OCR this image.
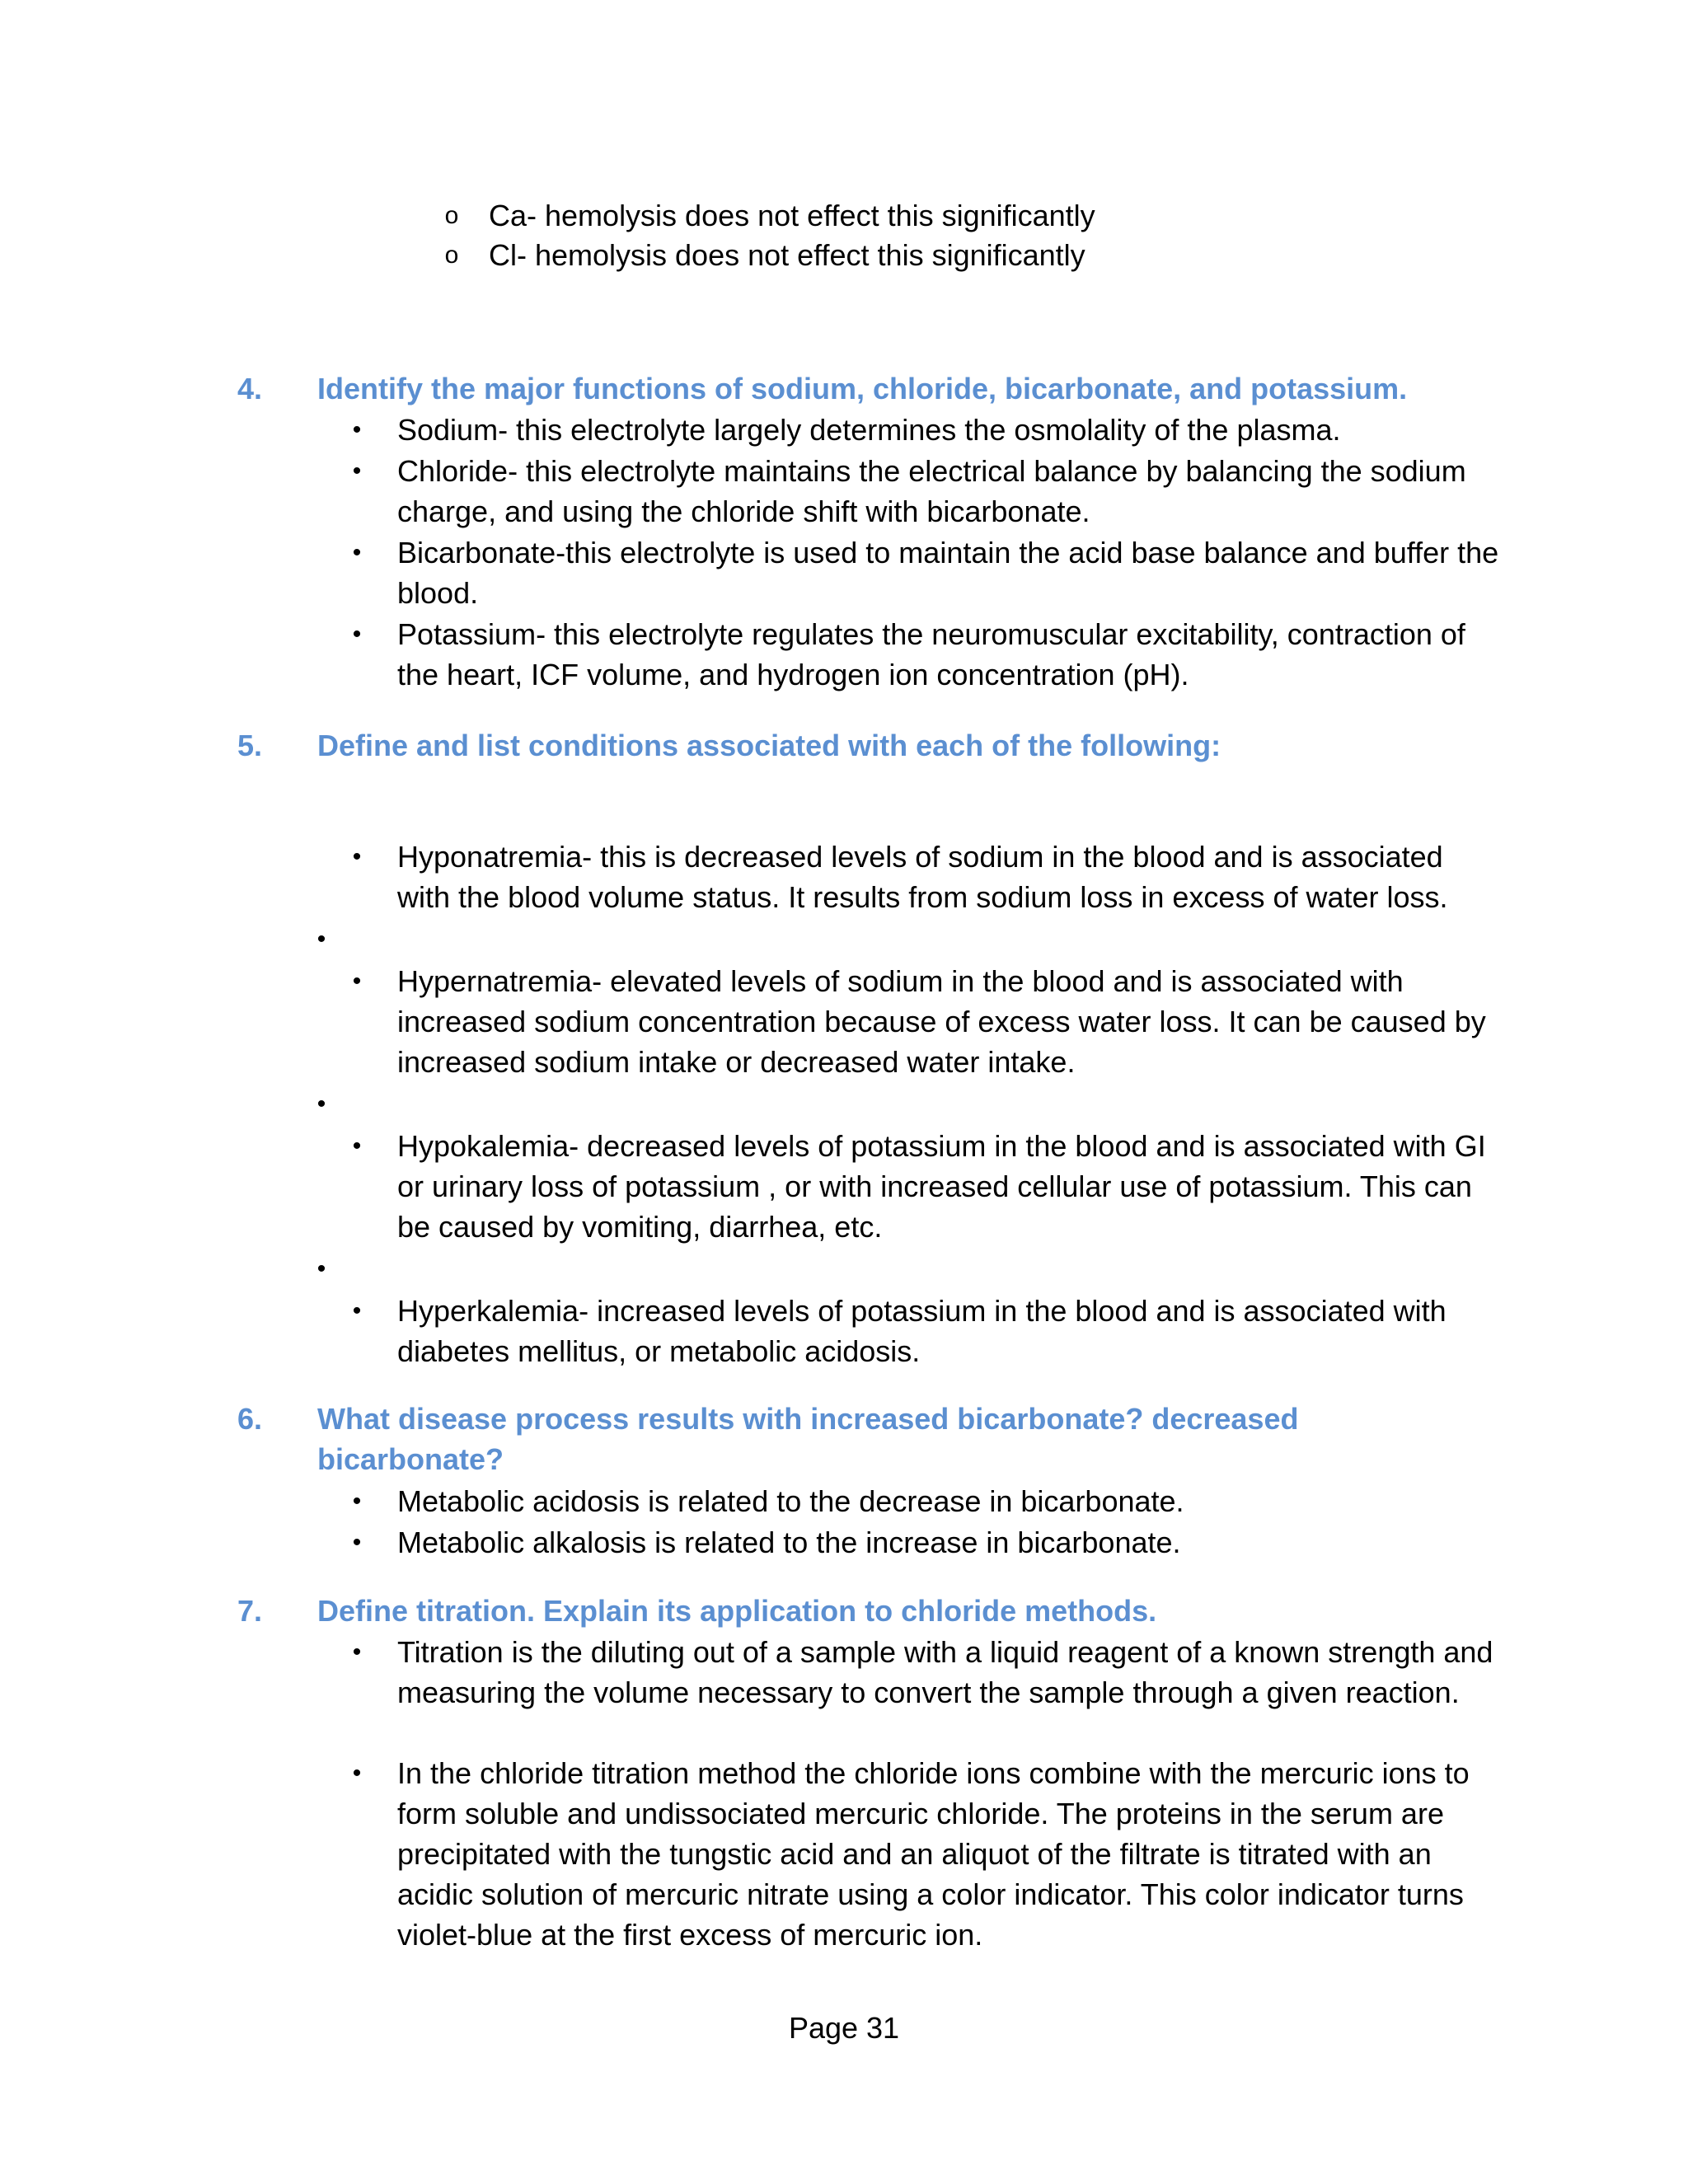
o Ca- hemolysis does not effect this significantly
o Cl- hemolysis does not effect this significantly
4. Identify the major functions of sodium, chloride, bicarbonate, and potassium.
• Sodium- this electrolyte largely determines the osmolality of the plasma.
• Chloride- this electrolyte maintains the electrical balance by balancing the sodium charge, and using the chloride shift with bicarbonate.
• Bicarbonate-this electrolyte is used to maintain the acid base balance and buffer the blood.
• Potassium- this electrolyte regulates the neuromuscular excitability, contraction of the heart, ICF volume, and hydrogen ion concentration (pH).
5. Define and list conditions associated with each of the following:
• Hyponatremia- this is decreased levels of sodium in the blood and is associated with the blood volume status. It results from sodium loss in excess of water loss.
•
• Hypernatremia- elevated levels of sodium in the blood and is associated with increased sodium concentration because of excess water loss. It can be caused by increased sodium intake or decreased water intake.
•
• Hypokalemia- decreased levels of potassium in the blood and is associated with GI or urinary loss of potassium , or with increased cellular use of potassium. This can be caused by vomiting, diarrhea, etc.
•
• Hyperkalemia- increased levels of potassium in the blood and is associated with diabetes mellitus, or metabolic acidosis.
6. What disease process results with increased bicarbonate? decreased bicarbonate?
• Metabolic acidosis is related to the decrease in bicarbonate.
• Metabolic alkalosis is related to the increase in bicarbonate.
7. Define titration. Explain its application to chloride methods.
• Titration is the diluting out of a sample with a liquid reagent of a known strength and measuring the volume necessary to convert the sample through a given reaction.
• In the chloride titration method the chloride ions combine with the mercuric ions to form soluble and undissociated mercuric chloride. The proteins in the serum are precipitated with the tungstic acid and an aliquot of the filtrate is titrated with an acidic solution of mercuric nitrate using a color indicator. This color indicator turns violet-blue at the first excess of mercuric ion.
Page 31
